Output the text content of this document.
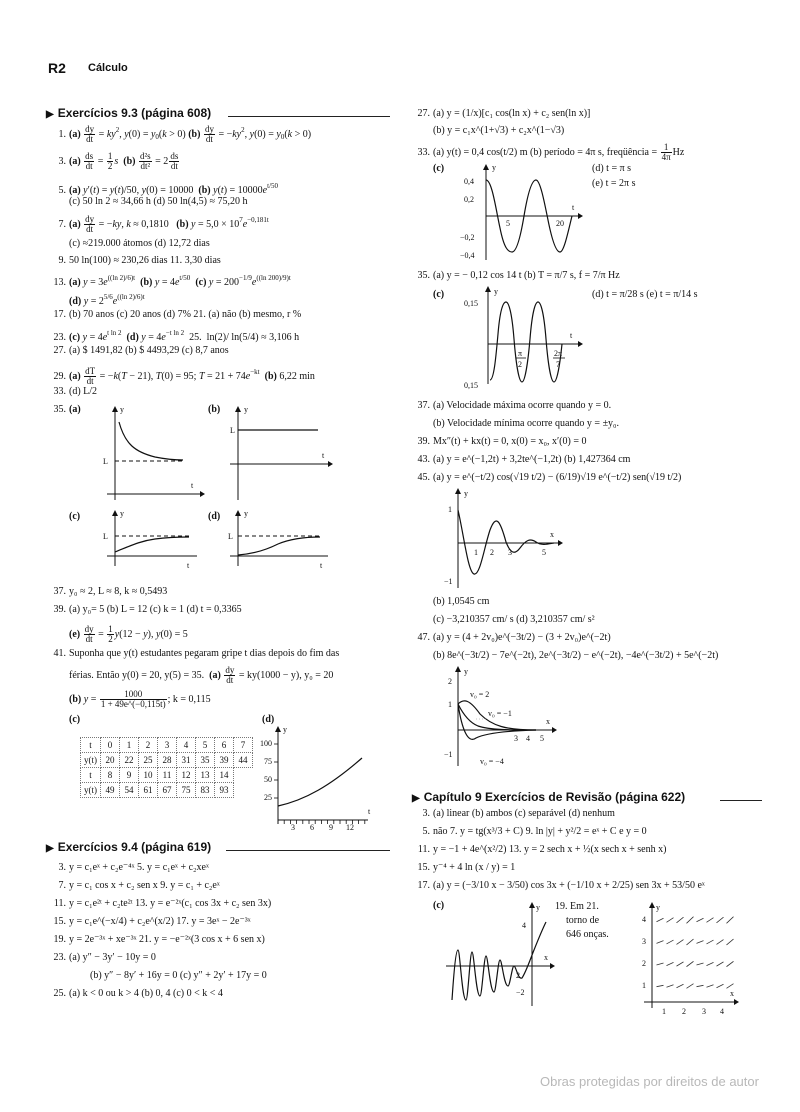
R2 Cálculo
▶ Exercícios 9.3 (página 608)
1. $(a) \frac{dy}{dt} = ky^2$, $y(0) = y_0(k > 0)$ $(b) \frac{dy}{dt} = -ky^2$, $y(0) = y_0(k > 0)$
3. $(a) \frac{ds}{dt} = \frac{1}{2}$ s $(b) \frac{\text{d²s}}{\text{dt²}} = 2 \frac{ds}{dt}$
5. (a) y′(t) = y(t)/50, y(0) = 10000  (b) $y(t) = 10000e^{t/50}$
(c) 50 ln 2 ≈ 34,66 h (d) 50 ln(4,5) ≈ 75,20 h
7. $(a) \frac{dy}{dt} = -ky$, k ≈ 0,1810   (b) $y = 5,0 \times 10^7e^{-0,181t}$
(c) ≈219.000 átomos (d) 12,72 dias
9. 50 ln(100) ≈ 230,26 dias 11. 3,30 dias
13. (a) $y = 3e^{((ln 2)/6)t}$ (b) $y = 4e^{t/50}$ (c) $y = 200^{-1/9}e^{((ln 200)/9)t}$
(d) $y = 2^{5/6}e^{((ln 2)/6)t}$
17. (b) 70 anos (c) 20 anos (d) 7% 21. (a) não (b) mesmo, r %
23. (c) $y = 4e^{t ln 2}$ (d) $y = 4e^{-t ln 2}$  25.  ln(2)/ ln(5/4) ≈ 3,106 h
27. (a) $ 1491,82 (b) $ 4493,29 (c) 8,7 anos
29. $(a) \frac{dT}{dt} = -k(T - 21)$, T(0) = 95; $T = 21 + 74e^{-kt}$ (b) 6,22 min
33. (d) L/2
35. (a)	(b)
y
t
L
y
t
L
(c)	(d)
y
t
L
y
t
L
37. y₀ ≈ 2, L ≈ 8, k ≈ 0,5493
39. (a) y₀= 5 (b) L = 12 (c) k = 1 (d) t = 0,3365
$(e) \frac{dy}{dt} = \frac{1}{2} y(12 - y)$, y(0) = 5
41. Suponha que y(t) estudantes pegaram gripe t dias depois do fim das
férias. Então y(0) = 20, y(5) = 35. $(a) \frac{dy}{dt} = ky(1000 - y)$, y₀ = 20
(b) $y = \frac{1000}{1 + 49e\^{}(-0,115t)}$ ; k = 0,115
(c)	(d)
t	0	1	2	3	4	5	6	7
y(t)	20	22	25	28	31	35	39	44
t	8	9	10	11	12	13	14	
y(t)	49	54	61	67	75	83	93	
y
t
100
75
50
25
3 6 9 12
▶ Exercícios 9.4 (página 619)
3. y = c₁eˣ + c₂e⁻⁴ˣ 5. y = c₁eˣ + c₂xeˣ
7. y = c₁ cos x + c₂ sen x 9. y = c₁ + c₂eˣ
11. y = c₁e²ᵗ + c₂te²ᵗ 13. y = e⁻²ˣ(c₁ cos 3x + c₂ sen 3x)
15. y = c₁e^(−x/4) + c₂e^(x/2) 17. y = 3eˣ − 2e⁻³ˣ
19. y = 2e⁻³ˣ + xe⁻³ˣ 21. y = −e⁻²ˣ(3 cos x + 6 sen x)
23. (a) y″ − 3y′ − 10y = 0
(b) y″ − 8y′ + 16y = 0 (c) y″ + 2y′ + 17y = 0
25. (a) k < 0 ou k > 4 (b) 0, 4 (c) 0 < k < 4
27. (a) y = (1/x)[c₁ cos(ln x) + c₂ sen(ln x)]
(b) y = c₁x^(1+√3) + c₂x^(1−√3)
33. (a) y(t) = 0,4 cos(t/2) m (b) período = 4π s, freqüência = $\frac{1}{4\pi}$ Hz
(c)	(d) t = π s
(e) t = 2π s
y
t
0,4
0,2
−0,2
−0,4
5	20
35. (a) y = − 0,12 cos 14 t (b) T = π/7 s, f = 7/π Hz
(c)	(d) t = π/28 s (e) t = π/14 s
y
t
0,15
0,15
π
2
2π
7
37. (a) Velocidade máxima ocorre quando y = 0.
(b) Velocidade mínima ocorre quando y = ±y₀.
39. Mx″(t) + kx(t) = 0, x(0) = x₀, x′(0) = 0
43. (a) y = e^(−1,2t) + 3,2te^(−1,2t) (b) 1,427364 cm
45. (a) y = e^(−t/2) cos(√19 t/2) − (6/19)√19 e^(−t/2) sen(√19 t/2)
y
x
1
−1
1 2 3	5
(b) 1,0545 cm
(c) −3,210357 cm/ s (d) 3,210357 cm/ s²
47. (a) y = (4 + 2v₀)e^(−3t/2) − (3 + 2v₀)e^(−2t)
(b) 8e^(−3t/2) − 7e^(−2t), 2e^(−3t/2) − e^(−2t), −4e^(−3t/2) + 5e^(−2t)
y
x
2
1
−1
3 4 5
v₀ = 2
v₀ = −1
v₀ = −4
▶ Capítulo 9 Exercícios de Revisão (página 622)
3. (a) linear (b) ambos (c) separável (d) nenhum
5. não 7. y = tg(x³/3 + C) 9. ln |y| + y²/2 = eˣ + C e y = 0
11. y = −1 + 4e^(x²/2) 13. y = 2 sech x + ½(x sech x + senh x)
15. y⁻⁴ + 4 ln (x / y) = 1
17. (a) y = (−3/10 x − 3/50) cos 3x + (−1/10 x + 2/25) sen 3x + 53/50 eˣ
(c)	y
x
4
−2
2
19. Em 21.
torno de
646 onças.
y
x
4
3
2
1
1 2 3 4
Obras protegidas por direitos de autor
